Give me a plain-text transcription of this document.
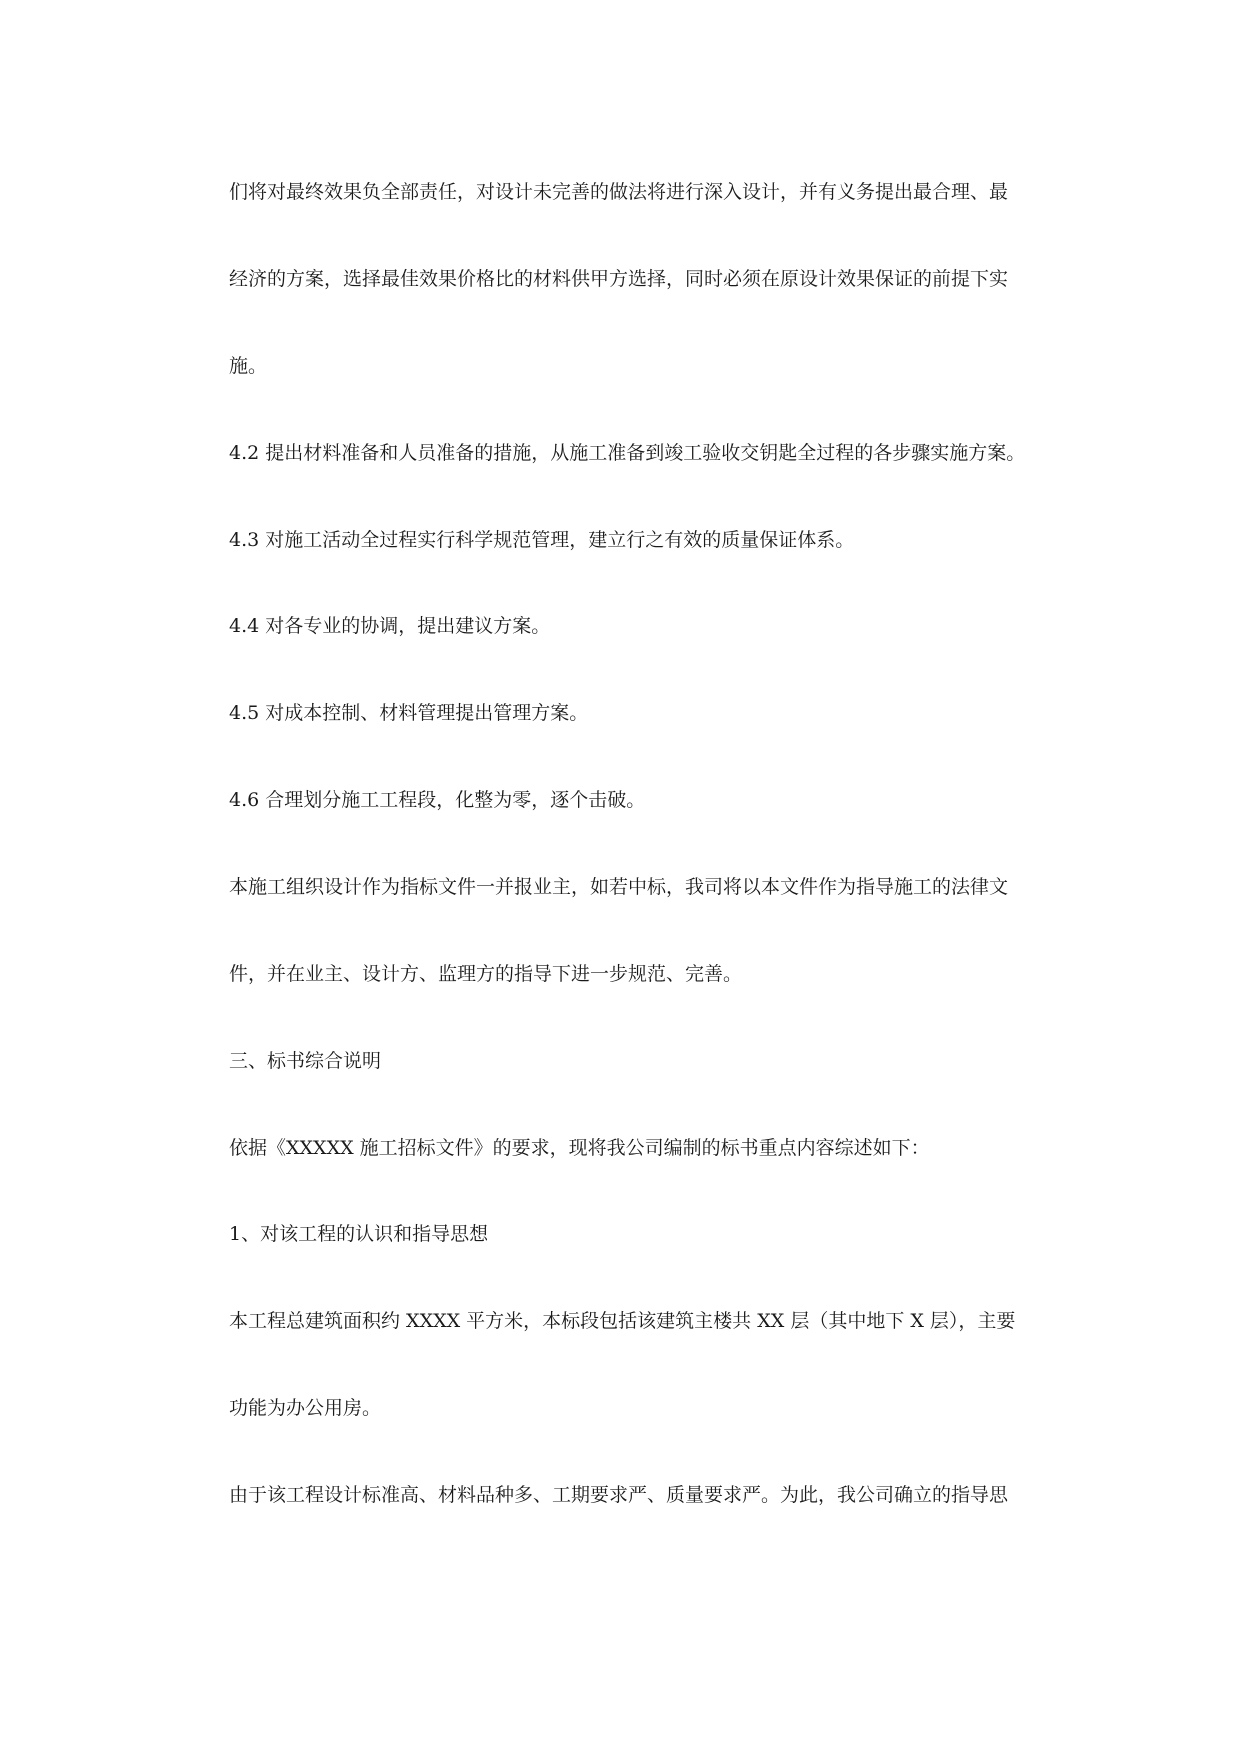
们将对最终效果负全部责任，对设计未完善的做法将进行深入设计，并有义务提出最合理、最

经济的方案，选择最佳效果价格比的材料供甲方选择，同时必须在原设计效果保证的前提下实

施。

4.2 提出材料准备和人员准备的措施，从施工准备到竣工验收交钥匙全过程的各步骤实施方案。

4.3 对施工活动全过程实行科学规范管理，建立行之有效的质量保证体系。

4.4 对各专业的协调，提出建议方案。

4.5 对成本控制、材料管理提出管理方案。

4.6 合理划分施工工程段，化整为零，逐个击破。

本施工组织设计作为指标文件一并报业主，如若中标，我司将以本文件作为指导施工的法律文

件，并在业主、设计方、监理方的指导下进一步规范、完善。

三、标书综合说明

依据《XXXXX 施工招标文件》的要求，现将我公司编制的标书重点内容综述如下：

1、对该工程的认识和指导思想

本工程总建筑面积约 XXXX 平方米，本标段包括该建筑主楼共 XX 层（其中地下 X 层），主要

功能为办公用房。

由于该工程设计标准高、材料品种多、工期要求严、质量要求严。为此，我公司确立的指导思
